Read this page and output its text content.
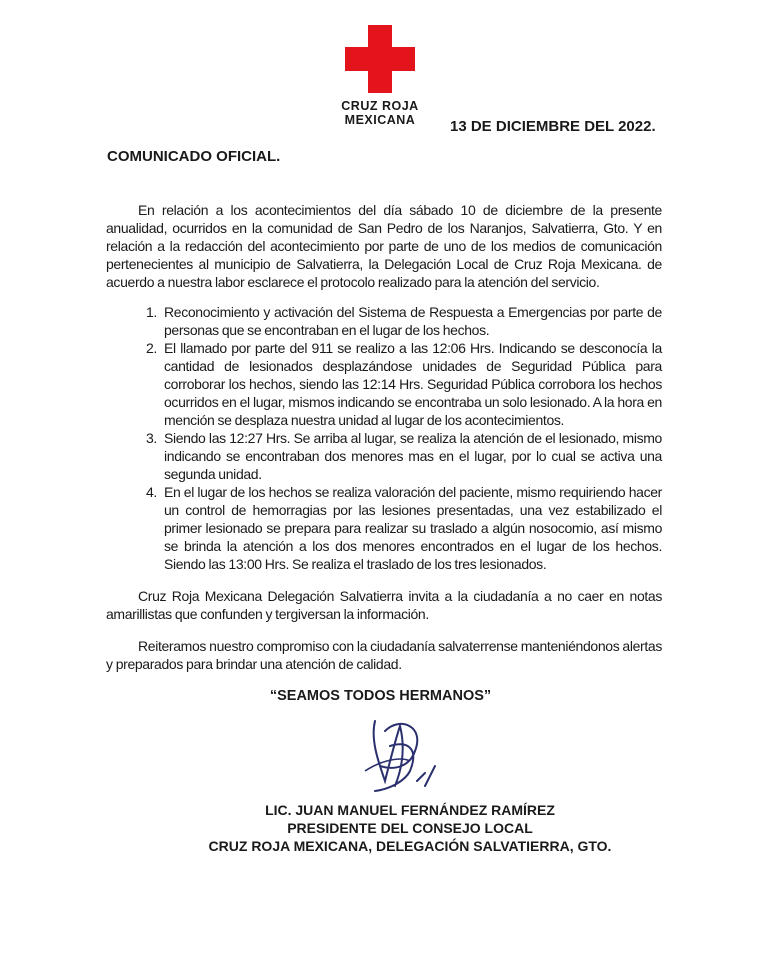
CRUZ ROJA
MEXICANA	13 DE DICIEMBRE DEL 2022.
COMUNICADO OFICIAL.

En relación a los acontecimientos del día sábado 10 de diciembre de la presente anualidad, ocurridos en la comunidad de San Pedro de los Naranjos, Salvatierra, Gto. Y en relación a la redacción del acontecimiento por parte de uno de los medios de comunicación pertenecientes al municipio de Salvatierra, la Delegación Local de Cruz Roja Mexicana. de acuerdo a nuestra labor esclarece el protocolo realizado para la atención del servicio.

1. Reconocimiento y activación del Sistema de Respuesta a Emergencias por parte de personas que se encontraban en el lugar de los hechos.
2. El llamado por parte del 911 se realizo a las 12:06 Hrs. Indicando se desconocía la cantidad de lesionados desplazándose unidades de Seguridad Pública para corroborar los hechos, siendo las 12:14 Hrs. Seguridad Pública corrobora los hechos ocurridos en el lugar, mismos indicando se encontraba un solo lesionado. A la hora en mención se desplaza nuestra unidad al lugar de los acontecimientos.
3. Siendo las 12:27 Hrs. Se arriba al lugar, se realiza la atención de el lesionado, mismo indicando se encontraban dos menores mas en el lugar, por lo cual se activa una segunda unidad.
4. En el lugar de los hechos se realiza valoración del paciente, mismo requiriendo hacer un control de hemorragias por las lesiones presentadas, una vez estabilizado el primer lesionado se prepara para realizar su traslado a algún nosocomio, así mismo se brinda la atención a los dos menores encontrados en el lugar de los hechos. Siendo las 13:00 Hrs. Se realiza el traslado de los tres lesionados.

Cruz Roja Mexicana Delegación Salvatierra invita a la ciudadanía a no caer en notas amarillistas que confunden y tergiversan la información.

Reiteramos nuestro compromiso con la ciudadanía salvaterrense manteniéndonos alertas y preparados para brindar una atención de calidad.

“SEAMOS TODOS HERMANOS”
LIC. JUAN MANUEL FERNÁNDEZ RAMÍREZ
PRESIDENTE DEL CONSEJO LOCAL
CRUZ ROJA MEXICANA, DELEGACIÓN SALVATIERRA, GTO.
